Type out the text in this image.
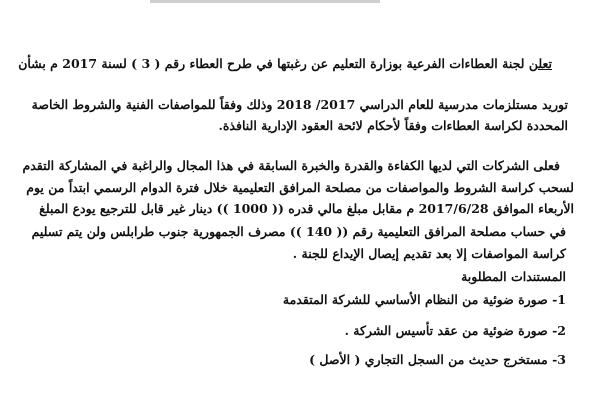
تعلن لجنة العطاءات الفرعية بوزارة التعليم عن رغبتها في طرح العطاء رقم ( 3 ) لسنة 2017 م بشأن
توريد مستلزمات مدرسية للعام الدراسي 2017/ 2018 وذلك وفقاً للمواصفات الفنية والشروط الخاصة
المحددة لكراسة العطاءات وفقاً لأحكام لائحة العقود الإدارية النافذة.
فعلى الشركات التي لديها الكفاءة والقدرة والخبرة السابقة في هذا المجال والراغبة في المشاركة التقدم
لسحب كراسة الشروط والمواصفات من مصلحة المرافق التعليمية خلال فترة الدوام الرسمي ابتداً من يوم
الأربعاء الموافق 2017/6/28 م مقابل مبلغ مالي قدره (( 1000 )) دينار غير قابل للترجيع يودع المبلغ
في حساب مصلحة المرافق التعليمية رقم (( 140 )) مصرف الجمهورية جنوب طرابلس ولن يتم تسليم
كراسة المواصفات إلا بعد تقديم إيصال الإيداع للجنة .
المستندات المطلوبة
1- صورة ضوئية من النظام الأساسي للشركة المتقدمة
2- صورة ضوئية من عقد تأسيس الشركة .
3- مستخرج حديث من السجل التجاري ( الأصل )
